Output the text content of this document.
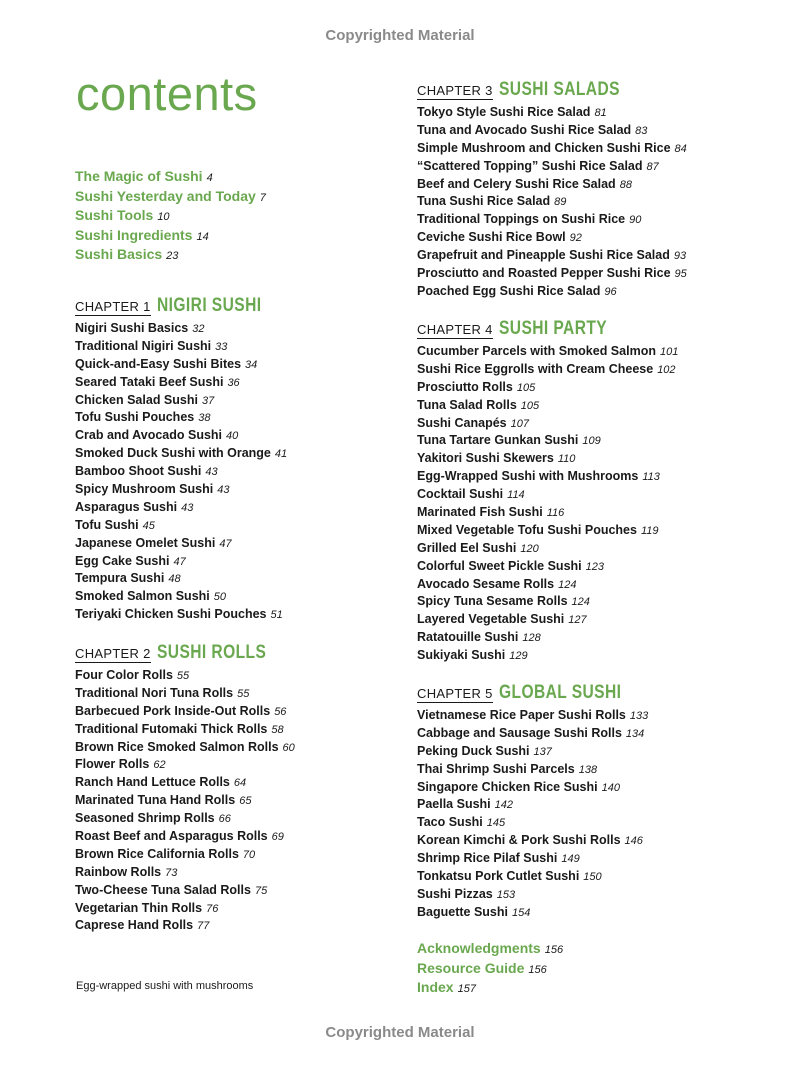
Copyrighted Material
contents
The Magic of Sushi 4
Sushi Yesterday and Today 7
Sushi Tools 10
Sushi Ingredients 14
Sushi Basics 23
CHAPTER 1 NIGIRI SUSHI
Nigiri Sushi Basics 32
Traditional Nigiri Sushi 33
Quick-and-Easy Sushi Bites 34
Seared Tataki Beef Sushi 36
Chicken Salad Sushi 37
Tofu Sushi Pouches 38
Crab and Avocado Sushi 40
Smoked Duck Sushi with Orange 41
Bamboo Shoot Sushi 43
Spicy Mushroom Sushi 43
Asparagus Sushi 43
Tofu Sushi 45
Japanese Omelet Sushi 47
Egg Cake Sushi 47
Tempura Sushi 48
Smoked Salmon Sushi 50
Teriyaki Chicken Sushi Pouches 51
CHAPTER 2 SUSHI ROLLS
Four Color Rolls 55
Traditional Nori Tuna Rolls 55
Barbecued Pork Inside-Out Rolls 56
Traditional Futomaki Thick Rolls 58
Brown Rice Smoked Salmon Rolls 60
Flower Rolls 62
Ranch Hand Lettuce Rolls 64
Marinated Tuna Hand Rolls 65
Seasoned Shrimp Rolls 66
Roast Beef and Asparagus Rolls 69
Brown Rice California Rolls 70
Rainbow Rolls 73
Two-Cheese Tuna Salad Rolls 75
Vegetarian Thin Rolls 76
Caprese Hand Rolls 77
CHAPTER 3 SUSHI SALADS
Tokyo Style Sushi Rice Salad 81
Tuna and Avocado Sushi Rice Salad 83
Simple Mushroom and Chicken Sushi Rice 84
“Scattered Topping” Sushi Rice Salad 87
Beef and Celery Sushi Rice Salad 88
Tuna Sushi Rice Salad 89
Traditional Toppings on Sushi Rice 90
Ceviche Sushi Rice Bowl 92
Grapefruit and Pineapple Sushi Rice Salad 93
Prosciutto and Roasted Pepper Sushi Rice 95
Poached Egg Sushi Rice Salad 96
CHAPTER 4 SUSHI PARTY
Cucumber Parcels with Smoked Salmon 101
Sushi Rice Eggrolls with Cream Cheese 102
Prosciutto Rolls 105
Tuna Salad Rolls 105
Sushi Canapés 107
Tuna Tartare Gunkan Sushi 109
Yakitori Sushi Skewers 110
Egg-Wrapped Sushi with Mushrooms 113
Cocktail Sushi 114
Marinated Fish Sushi 116
Mixed Vegetable Tofu Sushi Pouches 119
Grilled Eel Sushi 120
Colorful Sweet Pickle Sushi 123
Avocado Sesame Rolls 124
Spicy Tuna Sesame Rolls 124
Layered Vegetable Sushi 127
Ratatouille Sushi 128
Sukiyaki Sushi 129
CHAPTER 5 GLOBAL SUSHI
Vietnamese Rice Paper Sushi Rolls 133
Cabbage and Sausage Sushi Rolls 134
Peking Duck Sushi 137
Thai Shrimp Sushi Parcels 138
Singapore Chicken Rice Sushi 140
Paella Sushi 142
Taco Sushi 145
Korean Kimchi & Pork Sushi Rolls 146
Shrimp Rice Pilaf Sushi 149
Tonkatsu Pork Cutlet Sushi 150
Sushi Pizzas 153
Baguette Sushi 154
Acknowledgments 156
Resource Guide 156
Index 157
Egg-wrapped sushi with mushrooms
Copyrighted Material
